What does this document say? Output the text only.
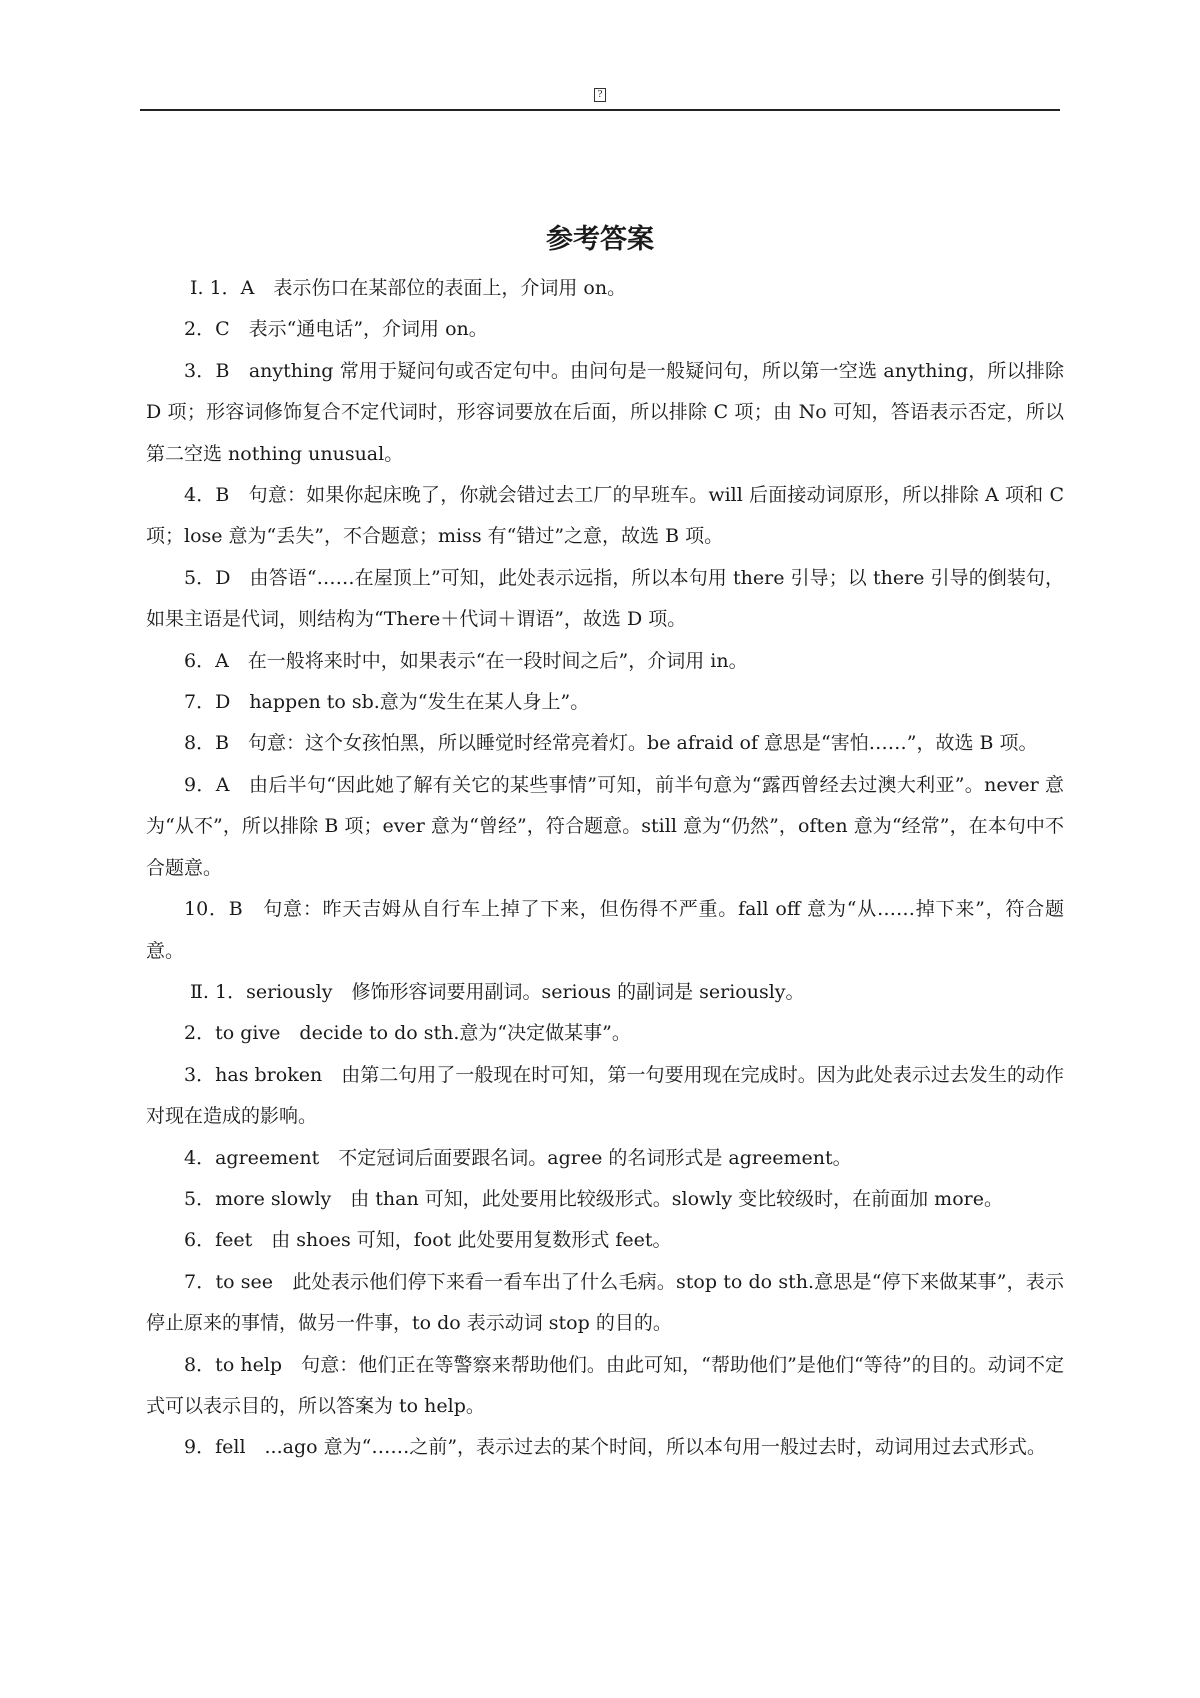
?
参考答案

Ⅰ. 1．A　表示伤口在某部位的表面上，介词用 on。

2．C　表示“通电话”，介词用 on。

3．B　anything 常用于疑问句或否定句中。由问句是一般疑问句，所以第一空选 anything，所以排除 D 项；形容词修饰复合不定代词时，形容词要放在后面，所以排除 C 项；由 No 可知，答语表示否定，所以第二空选 nothing unusual。

4．B　句意：如果你起床晚了，你就会错过去工厂的早班车。will 后面接动词原形，所以排除 A 项和 C 项；lose 意为“丢失”，不合题意；miss 有“错过”之意，故选 B 项。

5．D　由答语“……在屋顶上”可知，此处表示远指，所以本句用 there 引导；以 there 引导的倒装句，如果主语是代词，则结构为“There＋代词＋谓语”，故选 D 项。

6．A　在一般将来时中，如果表示“在一段时间之后”，介词用 in。

7．D　happen to sb.意为“发生在某人身上”。

8．B　句意：这个女孩怕黑，所以睡觉时经常亮着灯。be afraid of 意思是“害怕……”，故选 B 项。

9．A　由后半句“因此她了解有关它的某些事情”可知，前半句意为“露西曾经去过澳大利亚”。never 意为“从不”，所以排除 B 项；ever 意为“曾经”，符合题意。still 意为“仍然”，often 意为“经常”，在本句中不合题意。

10．B　句意：昨天吉姆从自行车上掉了下来，但伤得不严重。fall off 意为“从……掉下来”，符合题意。

Ⅱ. 1．seriously　修饰形容词要用副词。serious 的副词是 seriously。

2．to give　decide to do sth.意为“决定做某事”。

3．has broken　由第二句用了一般现在时可知，第一句要用现在完成时。因为此处表示过去发生的动作对现在造成的影响。

4．agreement　不定冠词后面要跟名词。agree 的名词形式是 agreement。

5．more slowly　由 than 可知，此处要用比较级形式。slowly 变比较级时，在前面加 more。

6．feet　由 shoes 可知，foot 此处要用复数形式 feet。

7．to see　此处表示他们停下来看一看车出了什么毛病。stop to do sth.意思是“停下来做某事”，表示停止原来的事情，做另一件事，to do 表示动词 stop 的目的。

8．to help　句意：他们正在等警察来帮助他们。由此可知，“帮助他们”是他们“等待”的目的。动词不定式可以表示目的，所以答案为 to help。

9．fell　...ago 意为“……之前”，表示过去的某个时间，所以本句用一般过去时，动词用过去式形式。
